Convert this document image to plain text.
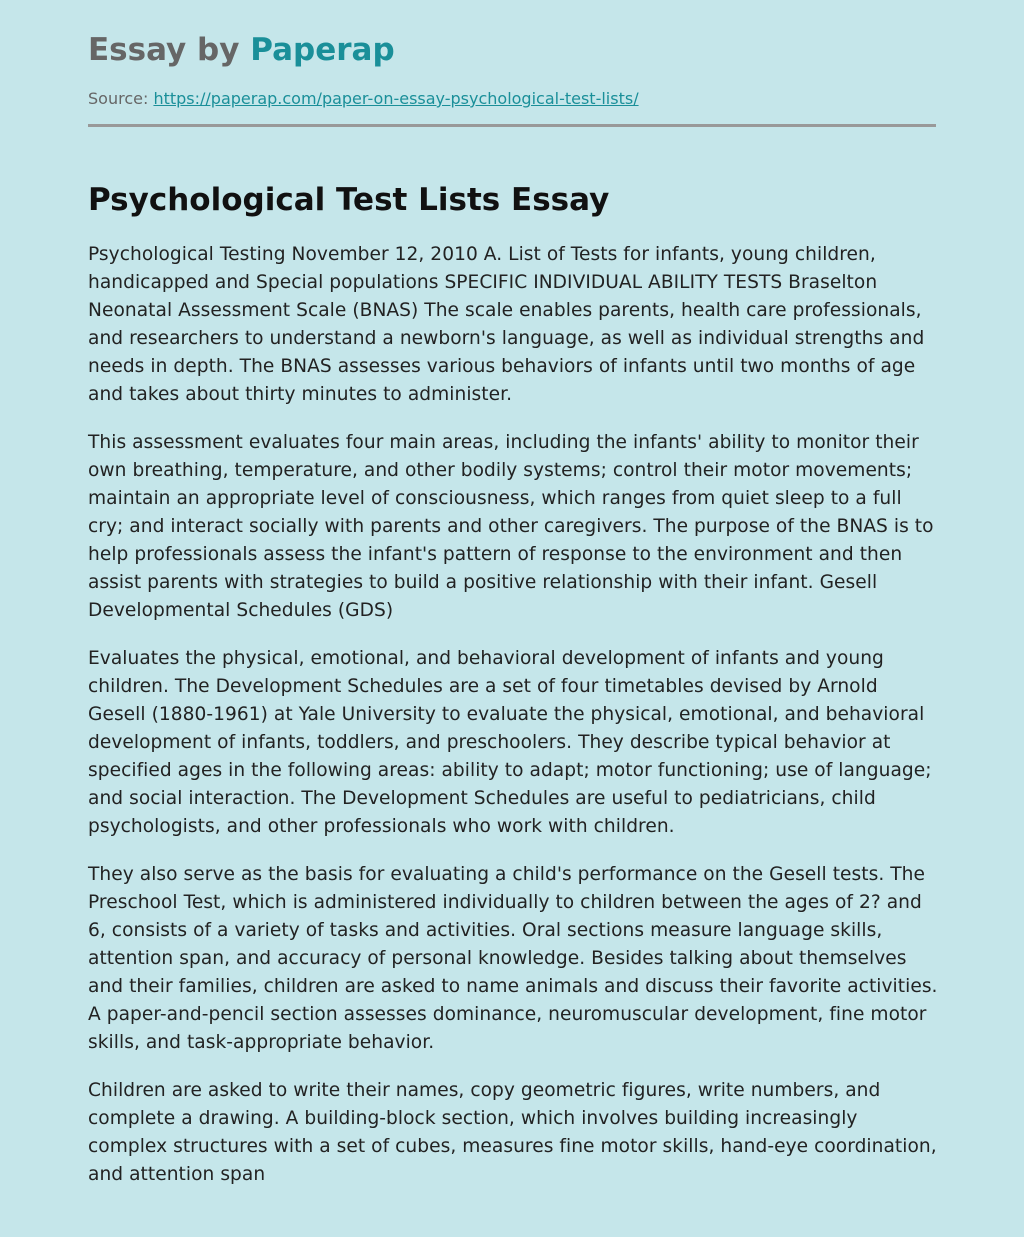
Essay by Paperap
Source: https://paperap.com/paper-on-essay-psychological-test-lists/
Psychological Test Lists Essay

Psychological Testing November 12, 2010 A. List of Tests for infants, young children, handicapped and Special populations SPECIFIC INDIVIDUAL ABILITY TESTS Braselton Neonatal Assessment Scale (BNAS) The scale enables parents, health care professionals, and researchers to understand a newborn's language, as well as individual strengths and needs in depth. The BNAS assesses various behaviors of infants until two months of age and takes about thirty minutes to administer.

This assessment evaluates four main areas, including the infants' ability to monitor their own breathing, temperature, and other bodily systems; control their motor movements; maintain an appropriate level of consciousness, which ranges from quiet sleep to a full cry; and interact socially with parents and other caregivers. The purpose of the BNAS is to help professionals assess the infant's pattern of response to the environment and then assist parents with strategies to build a positive relationship with their infant. Gesell Developmental Schedules (GDS)

Evaluates the physical, emotional, and behavioral development of infants and young children. The Development Schedules are a set of four timetables devised by Arnold Gesell (1880-1961) at Yale University to evaluate the physical, emotional, and behavioral development of infants, toddlers, and preschoolers. They describe typical behavior at specified ages in the following areas: ability to adapt; motor functioning; use of language; and social interaction. The Development Schedules are useful to pediatricians, child psychologists, and other professionals who work with children.

They also serve as the basis for evaluating a child's performance on the Gesell tests. The Preschool Test, which is administered individually to children between the ages of 2? and 6, consists of a variety of tasks and activities. Oral sections measure language skills, attention span, and accuracy of personal knowledge. Besides talking about themselves and their families, children are asked to name animals and discuss their favorite activities. A paper-and-pencil section assesses dominance, neuromuscular development, fine motor skills, and task-appropriate behavior.

Children are asked to write their names, copy geometric figures, write numbers, and complete a drawing. A building-block section, which involves building increasingly complex structures with a set of cubes, measures fine motor skills, hand-eye coordination, and attention span
